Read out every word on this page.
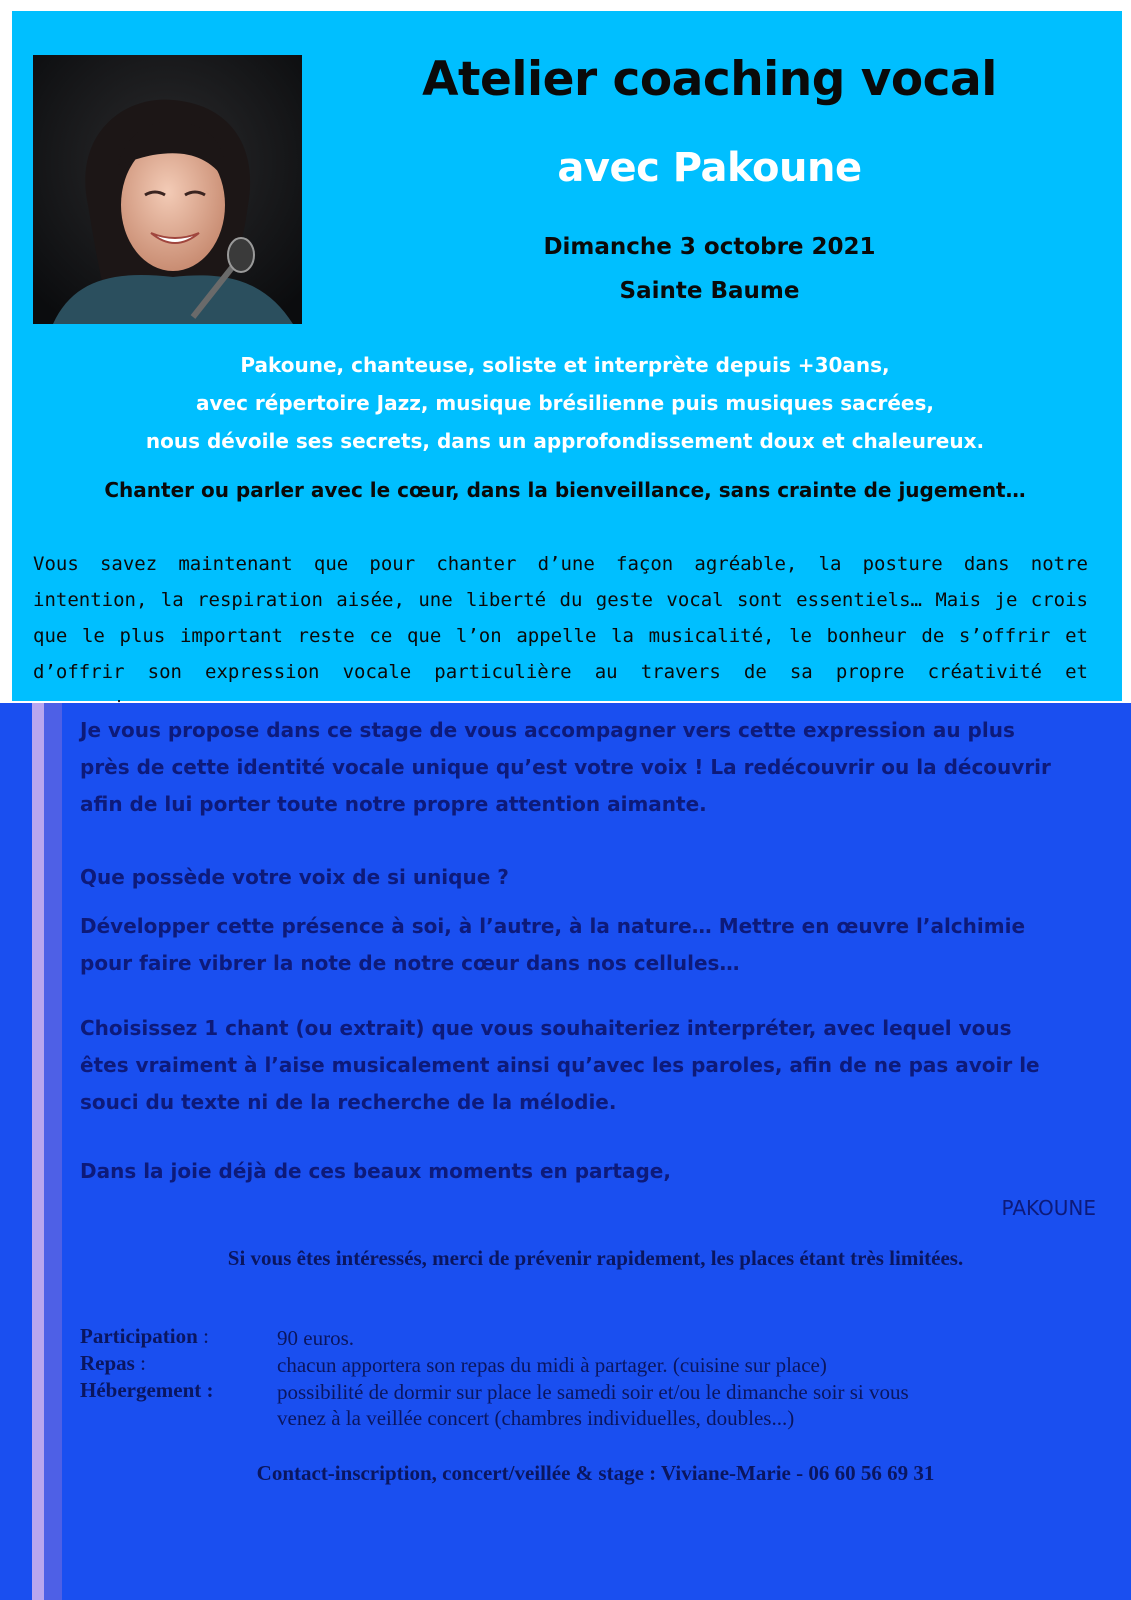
Atelier coaching vocal
avec Pakoune
Dimanche 3 octobre 2021
Sainte Baume
Pakoune, chanteuse, soliste et interprète depuis +30ans,
avec répertoire Jazz, musique brésilienne puis musiques sacrées,
nous dévoile ses secrets, dans un approfondissement doux et chaleureux.
Chanter ou parler avec le cœur, dans la bienveillance, sans crainte de jugement…
Vous savez maintenant que pour chanter d’une façon agréable, la posture dans notre intention, la respiration aisée, une liberté du geste vocal sont essentiels… Mais je crois que le plus important reste ce que l’on appelle la musicalité, le bonheur de s’offrir et d’offrir son expression vocale particulière au travers de sa propre créativité et
Je vous propose dans ce stage de vous accompagner vers cette expression au plus
près de cette identité vocale unique qu’est votre voix ! La redécouvrir ou la découvrir
afin de lui porter toute notre propre attention aimante.
Que possède votre voix de si unique ?
Développer cette présence à soi, à l’autre, à la nature… Mettre en œuvre l’alchimie
pour faire vibrer la note de notre cœur dans nos cellules…
Choisissez 1 chant (ou extrait) que vous souhaiteriez interpréter, avec lequel vous
êtes vraiment à l’aise musicalement ainsi qu’avec les paroles, afin de ne pas avoir le
souci du texte ni de la recherche de la mélodie.
Dans la joie déjà de ces beaux moments en partage,
PAKOUNE
Si vous êtes intéressés, merci de prévenir rapidement, les places étant très limitées.
Participation :	90 euros.
Repas :	chacun apportera son repas du midi à partager. (cuisine sur place)
Hébergement :	possibilité de dormir sur place le samedi soir et/ou le dimanche soir si vous
venez à la veillée concert (chambres individuelles, doubles...)
Contact-inscription, concert/veillée & stage : Viviane-Marie - 06 60 56 69 31
